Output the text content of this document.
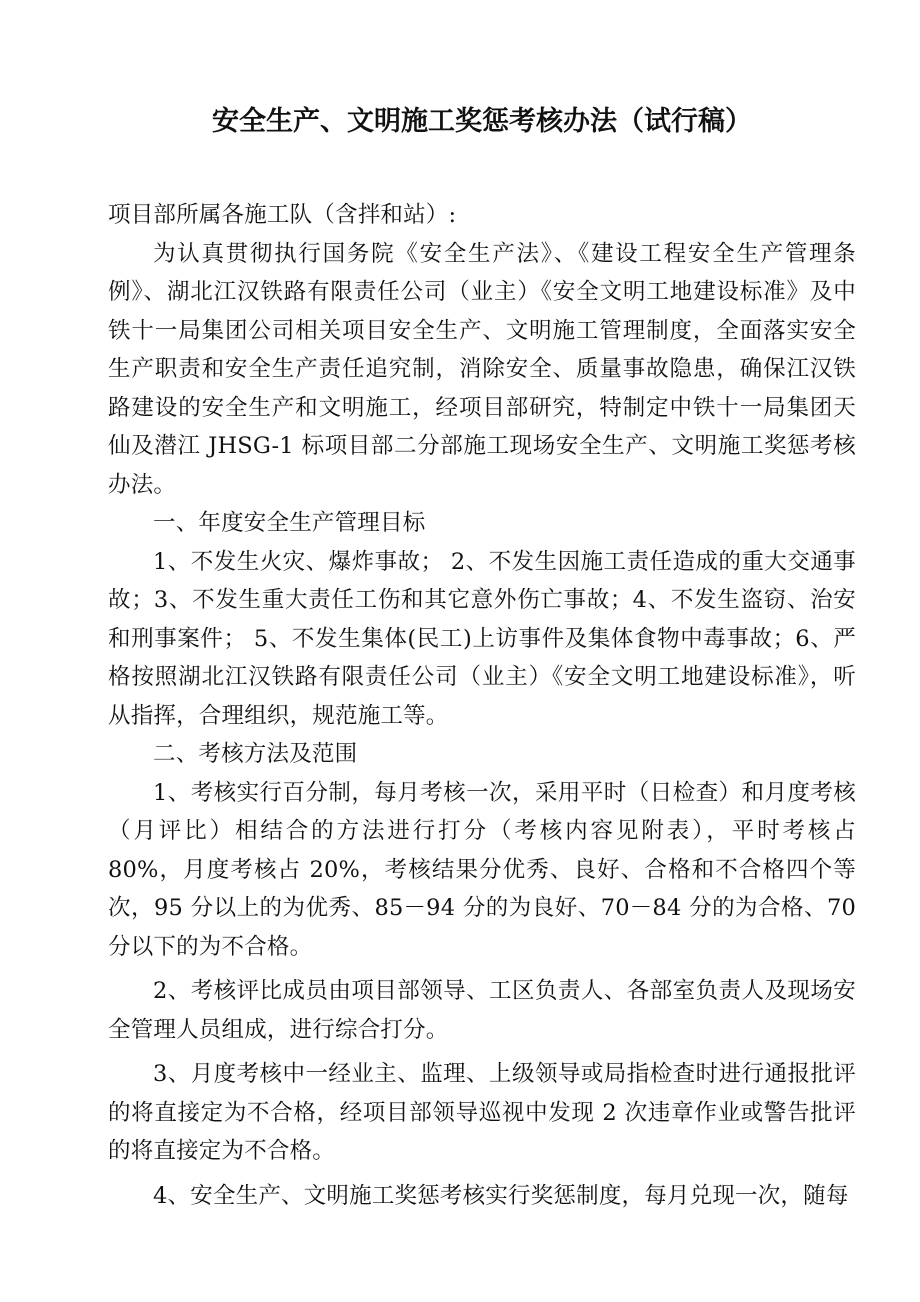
安全生产、文明施工奖惩考核办法（试行稿）

项目部所属各施工队（含拌和站）:

为认真贯彻执行国务院《安全生产法》、《建设工程安全生产管理条例》、湖北江汉铁路有限责任公司（业主）《安全文明工地建设标准》及中铁十一局集团公司相关项目安全生产、文明施工管理制度，全面落实安全生产职责和安全生产责任追究制，消除安全、质量事故隐患，确保江汉铁路建设的安全生产和文明施工，经项目部研究，特制定中铁十一局集团天仙及潜江 JHSG-1 标项目部二分部施工现场安全生产、文明施工奖惩考核办法。

一、年度安全生产管理目标

1、不发生火灾、爆炸事故； 2、不发生因施工责任造成的重大交通事故；3、不发生重大责任工伤和其它意外伤亡事故；4、不发生盗窃、治安和刑事案件； 5、不发生集体(民工)上访事件及集体食物中毒事故；6、严格按照湖北江汉铁路有限责任公司（业主）《安全文明工地建设标准》，听从指挥，合理组织，规范施工等。

二、考核方法及范围

1、考核实行百分制，每月考核一次，采用平时（日检查）和月度考核（月评比）相结合的方法进行打分（考核内容见附表），平时考核占 80%，月度考核占 20%，考核结果分优秀、良好、合格和不合格四个等次，95 分以上的为优秀、85－94 分的为良好、70－84 分的为合格、70 分以下的为不合格。

2、考核评比成员由项目部领导、工区负责人、各部室负责人及现场安全管理人员组成，进行综合打分。

3、月度考核中一经业主、监理、上级领导或局指检查时进行通报批评的将直接定为不合格，经项目部领导巡视中发现 2 次违章作业或警告批评的将直接定为不合格。

4、安全生产、文明施工奖惩考核实行奖惩制度，每月兑现一次，随每
